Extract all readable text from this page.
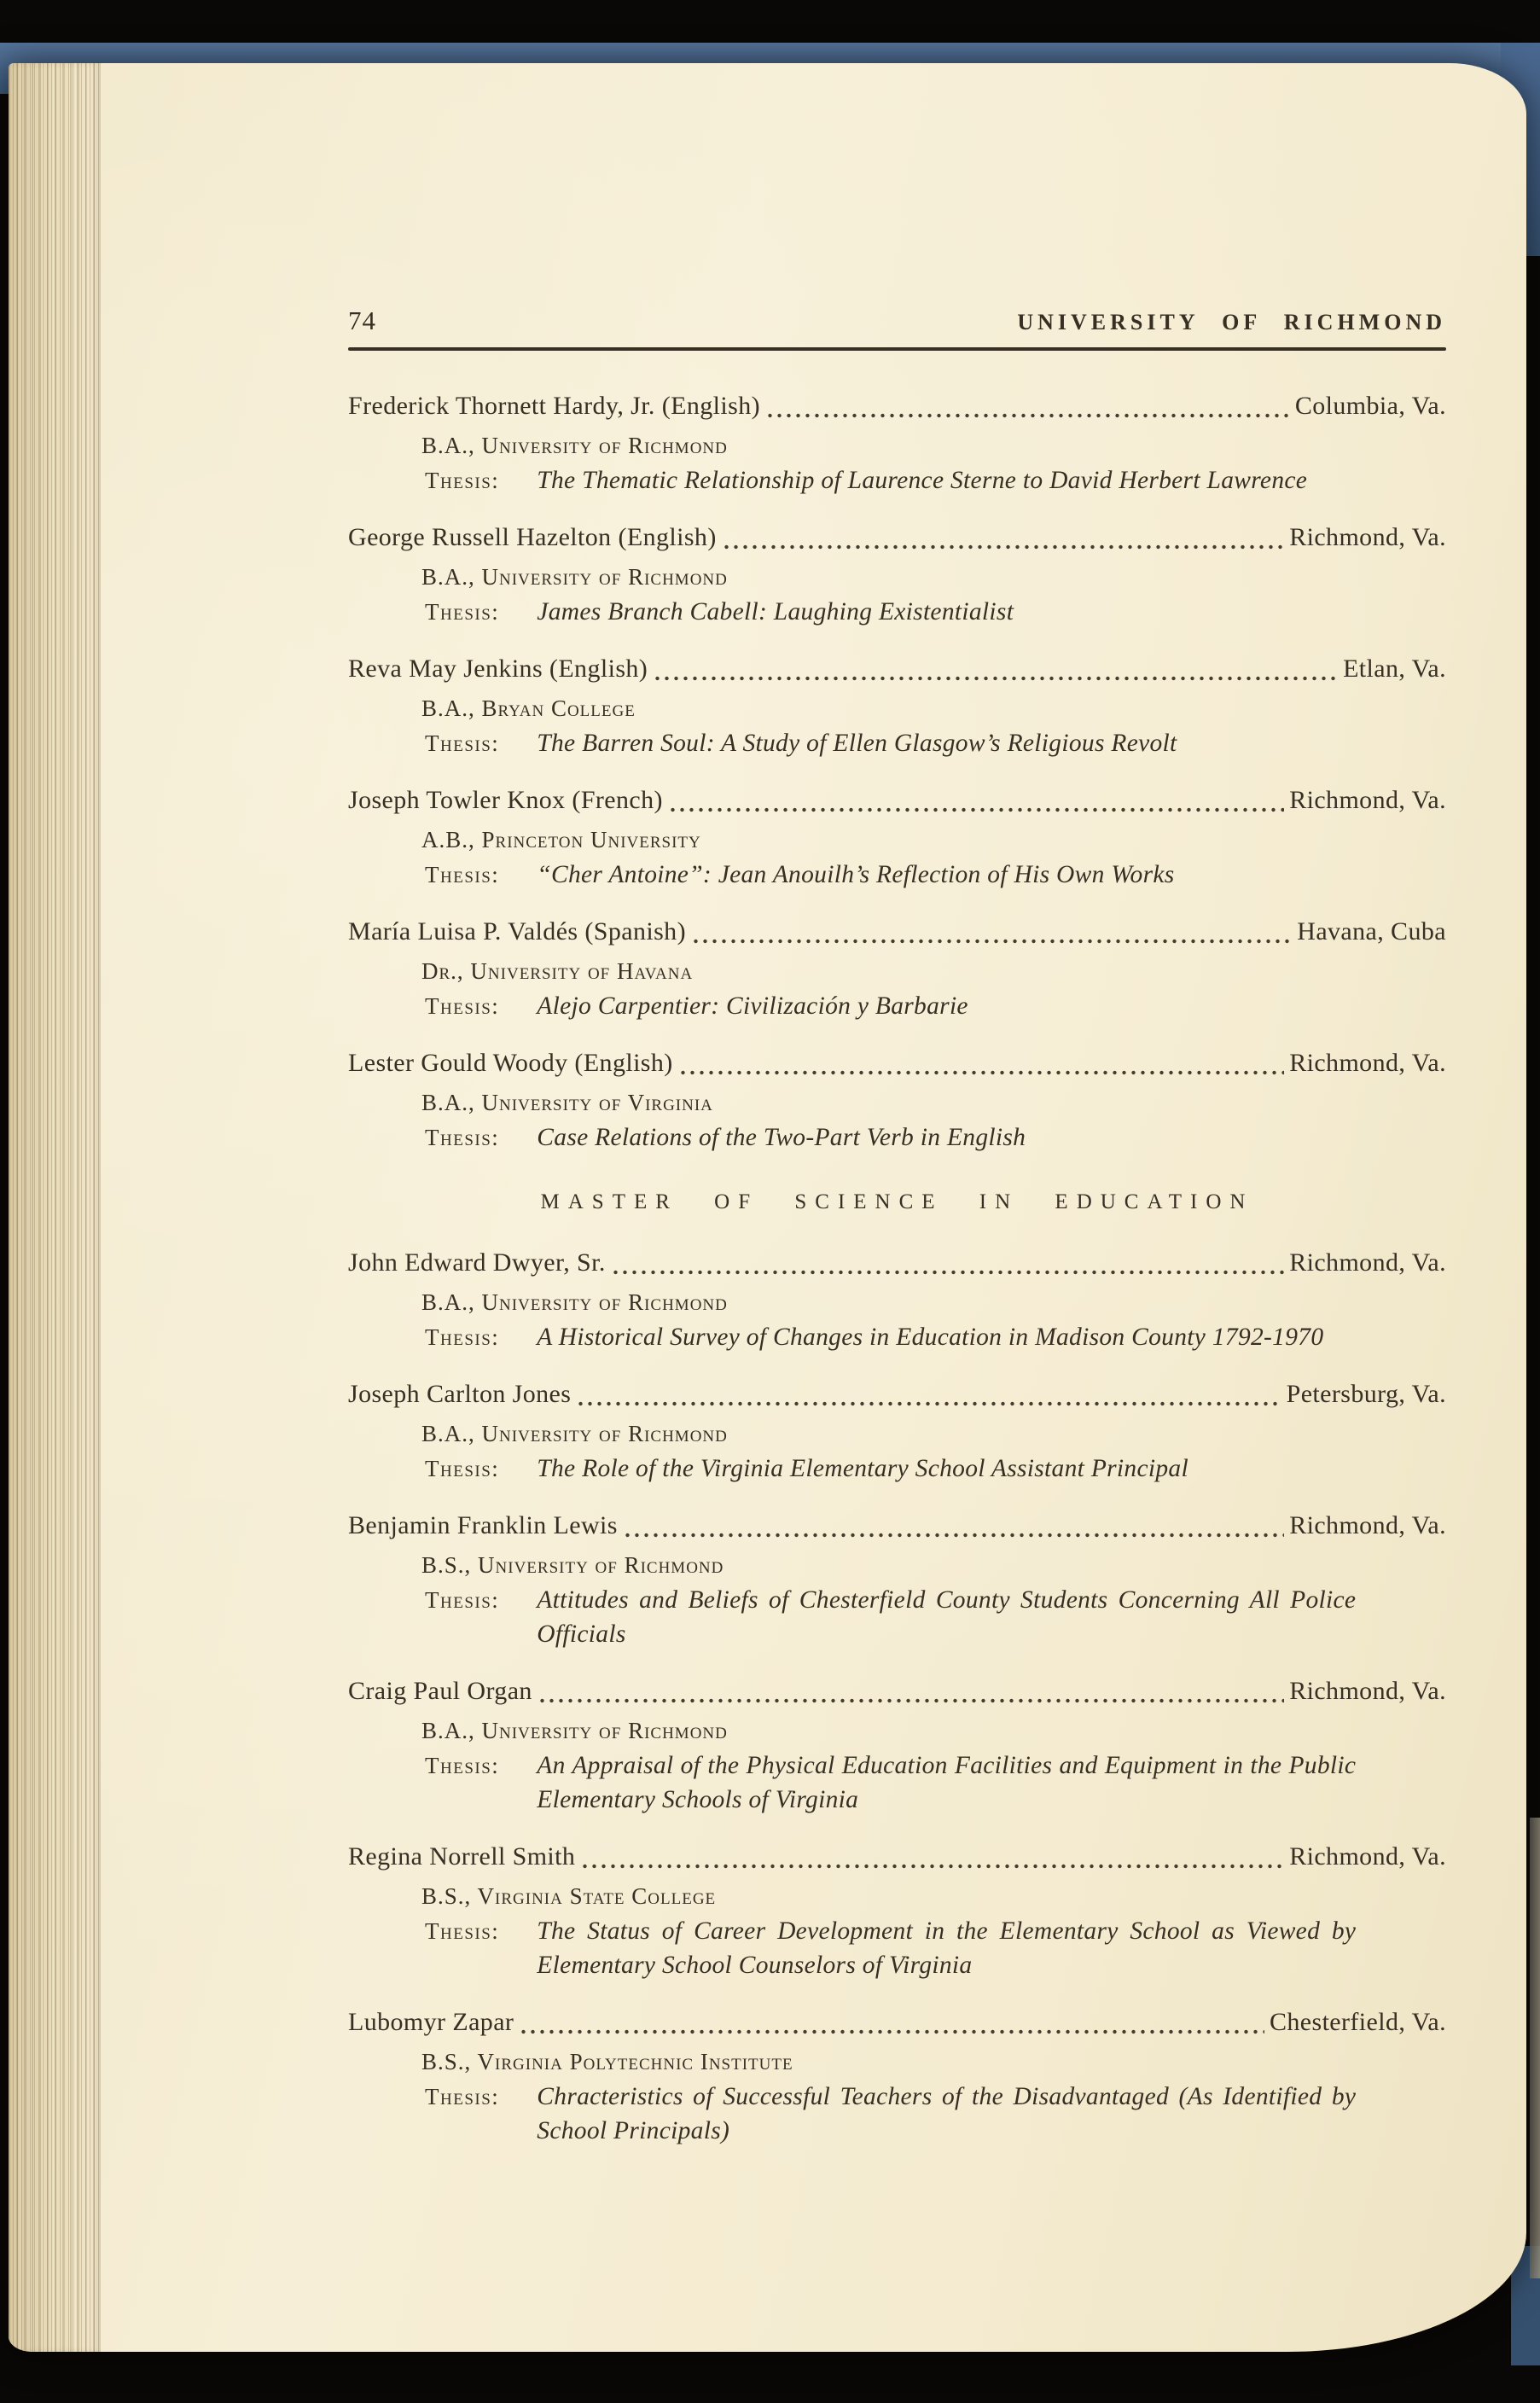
74	UNIVERSITY OF RICHMOND
Frederick Thornett Hardy, Jr. (English)	Columbia, Va.
B.A., University of Richmond
Thesis: The Thematic Relationship of Laurence Sterne to David Herbert Lawrence
George Russell Hazelton (English)	Richmond, Va.
B.A., University of Richmond
Thesis: James Branch Cabell: Laughing Existentialist
Reva May Jenkins (English)	Etlan, Va.
B.A., Bryan College
Thesis: The Barren Soul: A Study of Ellen Glasgow’s Religious Revolt
Joseph Towler Knox (French)	Richmond, Va.
A.B., Princeton University
Thesis: “Cher Antoine”: Jean Anouilh’s Reflection of His Own Works
María Luisa P. Valdés (Spanish)	Havana, Cuba
Dr., University of Havana
Thesis: Alejo Carpentier: Civilización y Barbarie
Lester Gould Woody (English)	Richmond, Va.
B.A., University of Virginia
Thesis: Case Relations of the Two-Part Verb in English
MASTER OF SCIENCE IN EDUCATION
John Edward Dwyer, Sr.	Richmond, Va.
B.A., University of Richmond
Thesis: A Historical Survey of Changes in Education in Madison County 1792-1970
Joseph Carlton Jones	Petersburg, Va.
B.A., University of Richmond
Thesis: The Role of the Virginia Elementary School Assistant Principal
Benjamin Franklin Lewis	Richmond, Va.
B.S., University of Richmond
Thesis: Attitudes and Beliefs of Chesterfield County Students Concerning All Police Officials
Craig Paul Organ	Richmond, Va.
B.A., University of Richmond
Thesis: An Appraisal of the Physical Education Facilities and Equipment in the Public Elementary Schools of Virginia
Regina Norrell Smith	Richmond, Va.
B.S., Virginia State College
Thesis: The Status of Career Development in the Elementary School as Viewed by Elementary School Counselors of Virginia
Lubomyr Zapar	Chesterfield, Va.
B.S., Virginia Polytechnic Institute
Thesis: Chracteristics of Successful Teachers of the Disadvantaged (As Identified by School Principals)
